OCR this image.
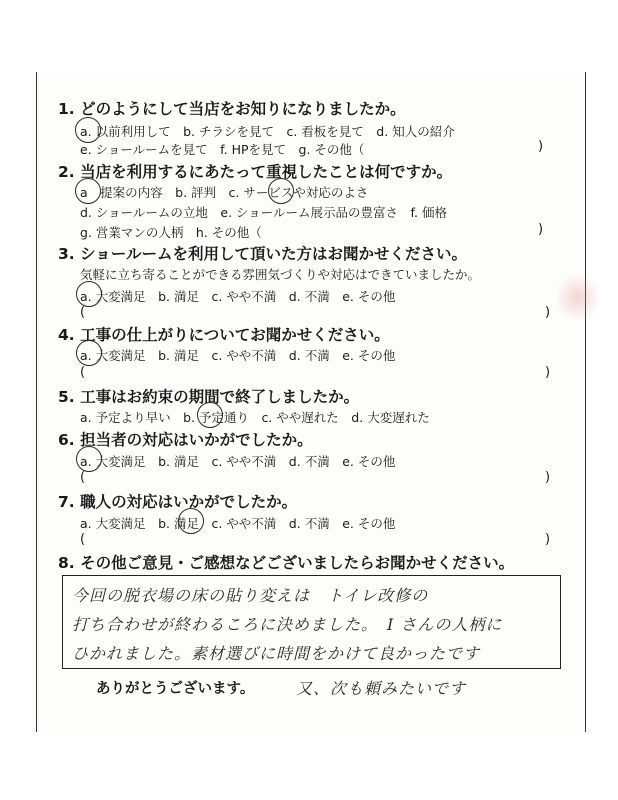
1. どのようにして当店をお知りになりましたか。
a. 以前利用して　b. チラシを見て　c. 看板を見て　d. 知人の紹介
e. ショールームを見て　f. HPを見て　g. その他（	)
2. 当店を利用するにあたって重視したことは何ですか。
a　提案の内容　b. 評判　c. サービスや対応のよさ
d. ショールームの立地　e. ショールーム展示品の豊富さ　f. 価格
g. 営業マンの人柄　h. その他（	)
3. ショールームを利用して頂いた方はお聞かせください。
気軽に立ち寄ることができる雰囲気づくりや対応はできていましたか。
a. 大変満足　b. 満足　c. やや不満　d. 不満　e. その他
(	)
4. 工事の仕上がりについてお聞かせください。
a. 大変満足　b. 満足　c. やや不満　d. 不満　e. その他
(	)
5. 工事はお約束の期間で終了しましたか。
a. 予定より早い　b. 予定通り　c. やや遅れた　d. 大変遅れた
6. 担当者の対応はいかがでしたか。
a. 大変満足　b. 満足　c. やや不満　d. 不満　e. その他
(	)
7. 職人の対応はいかがでしたか。
a. 大変満足　b. 満足　c. やや不満　d. 不満　e. その他
(	)
8. その他ご意見・ご感想などございましたらお聞かせください。
今回の脱衣場の床の貼り変えは　トイレ改修の
打ち合わせが終わるころに決めました。　I さんの人柄に
ひかれました。素材選びに時間をかけて良かったです
ありがとうございます。	又、次も頼みたいです
